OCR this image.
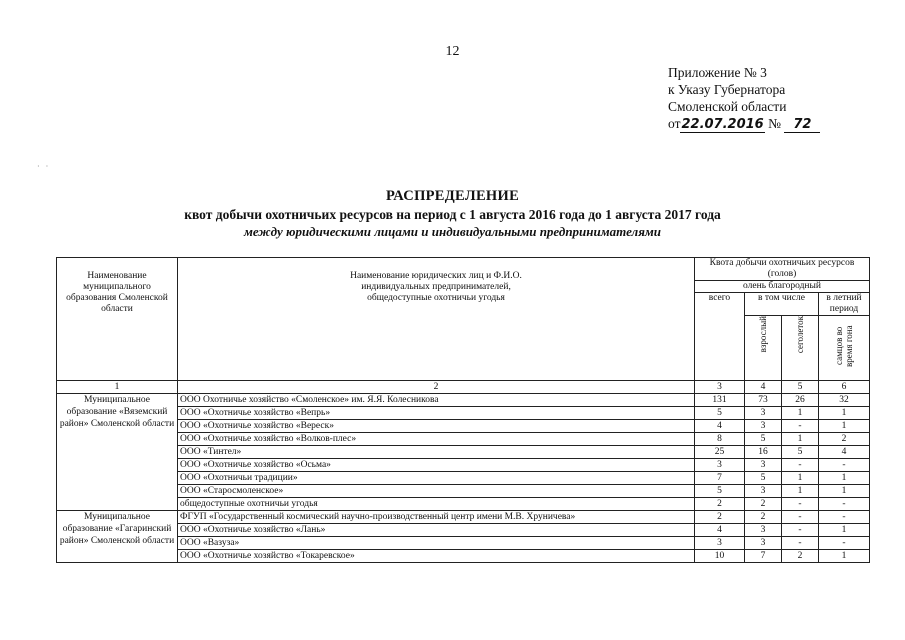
12
Приложение № 3
к Указу Губернатора
Смоленской области
от22.07.2016 № 72
·   ·
РАСПРЕДЕЛЕНИЕ
квот добычи охотничьих ресурсов на период с 1 августа 2016 года до 1 августа 2017 года
между юридическими лицами и индивидуальными предпринимателями
Наименование муниципального образования Смоленской области	Наименование юридических лиц и Ф.И.О. индивидуальных предпринимателей, общедоступные охотничьи угодья	Квота добычи охотничьих ресурсов (голов)			
		олень благородный			
		всего	в том числе		в летний период
			взрослый	сеголеток	самцов во время гона
1	2	3	4	5	6
Муниципальное образование «Вяземский район» Смоленской области	ООО Охотничье хозяйство «Смоленское» им. Я.Я. Колесникова	131	73	26	32
	ООО «Охотничье хозяйство «Вепрь»	5	3	1	1
	ООО «Охотничье хозяйство «Вереск»	4	3	-	1
	ООО «Охотничье хозяйство «Волков-плес»	8	5	1	2
	ООО «Тинтел»	25	16	5	4
	ООО «Охотничье хозяйство «Осьма»	3	3	-	-
	ООО «Охотничьи традиции»	7	5	1	1
	ООО «Старосмоленское»	5	3	1	1
	общедоступные охотничьи угодья	2	2	-	-
Муниципальное образование «Гагаринский район» Смоленской области	ФГУП «Государственный космический научно-производственный центр имени М.В. Хруничева»	2	2	-	-
	ООО «Охотничье хозяйство «Лань»	4	3	-	1
	ООО «Вазуза»	3	3	-	-
	ООО «Охотничье хозяйство «Токаревское»	10	7	2	1
